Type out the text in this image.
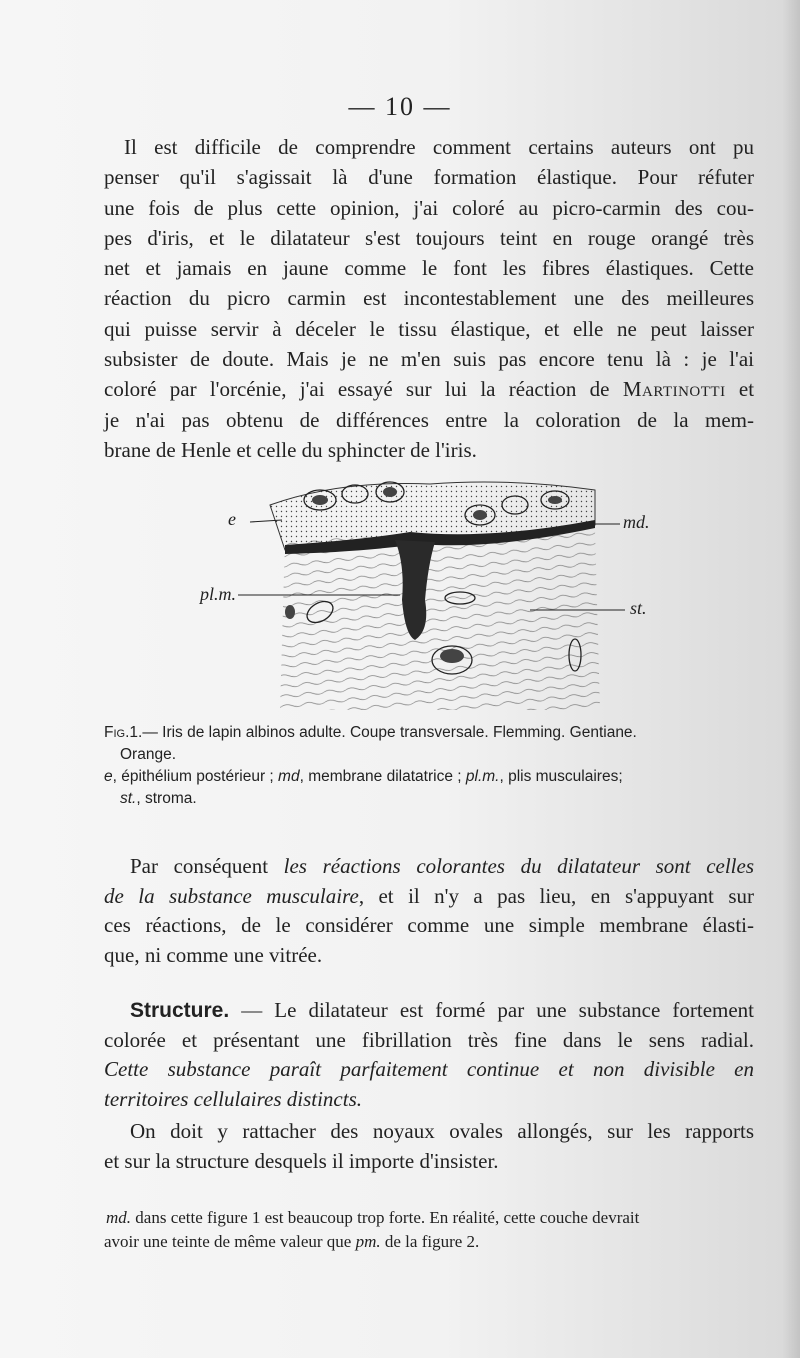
— 10 —
Il est difficile de comprendre comment certains auteurs ont pu
penser qu'il s'agissait là d'une formation élastique. Pour réfuter
une fois de plus cette opinion, j'ai coloré au picro-carmin des cou-
pes d'iris, et le dilatateur s'est toujours teint en rouge orangé très
net et jamais en jaune comme le font les fibres élastiques. Cette
réaction du picro carmin est incontestablement une des meilleures
qui puisse servir à déceler le tissu élastique, et elle ne peut laisser
subsister de doute. Mais je ne m'en suis pas encore tenu là : je l'ai
coloré par l'orcénie, j'ai essayé sur lui la réaction de Martinotti et
je n'ai pas obtenu de différences entre la coloration de la mem-
brane de Henle et celle du sphincter de l'iris.
e	md.
pl.m.
st.
Fig.1.— Iris de lapin albinos adulte. Coupe transversale. Flemming. Gentiane.
Orange.
e, épithélium postérieur ; md, membrane dilatatrice ; pl.m., plis musculaires;
st., stroma.
Par conséquent les réactions colorantes du dilatateur sont celles
de la substance musculaire, et il n'y a pas lieu, en s'appuyant sur
ces réactions, de le considérer comme une simple membrane élasti-
que, ni comme une vitrée.
Structure. — Le dilatateur est formé par une substance fortement
colorée et présentant une fibrillation très fine dans le sens radial.
Cette substance paraît parfaitement continue et non divisible en
territoires cellulaires distincts.
On doit y rattacher des noyaux ovales allongés, sur les rapports
et sur la structure desquels il importe d'insister.
md. dans cette figure 1 est beaucoup trop forte. En réalité, cette couche devrait
avoir une teinte de même valeur que pm. de la figure 2.
